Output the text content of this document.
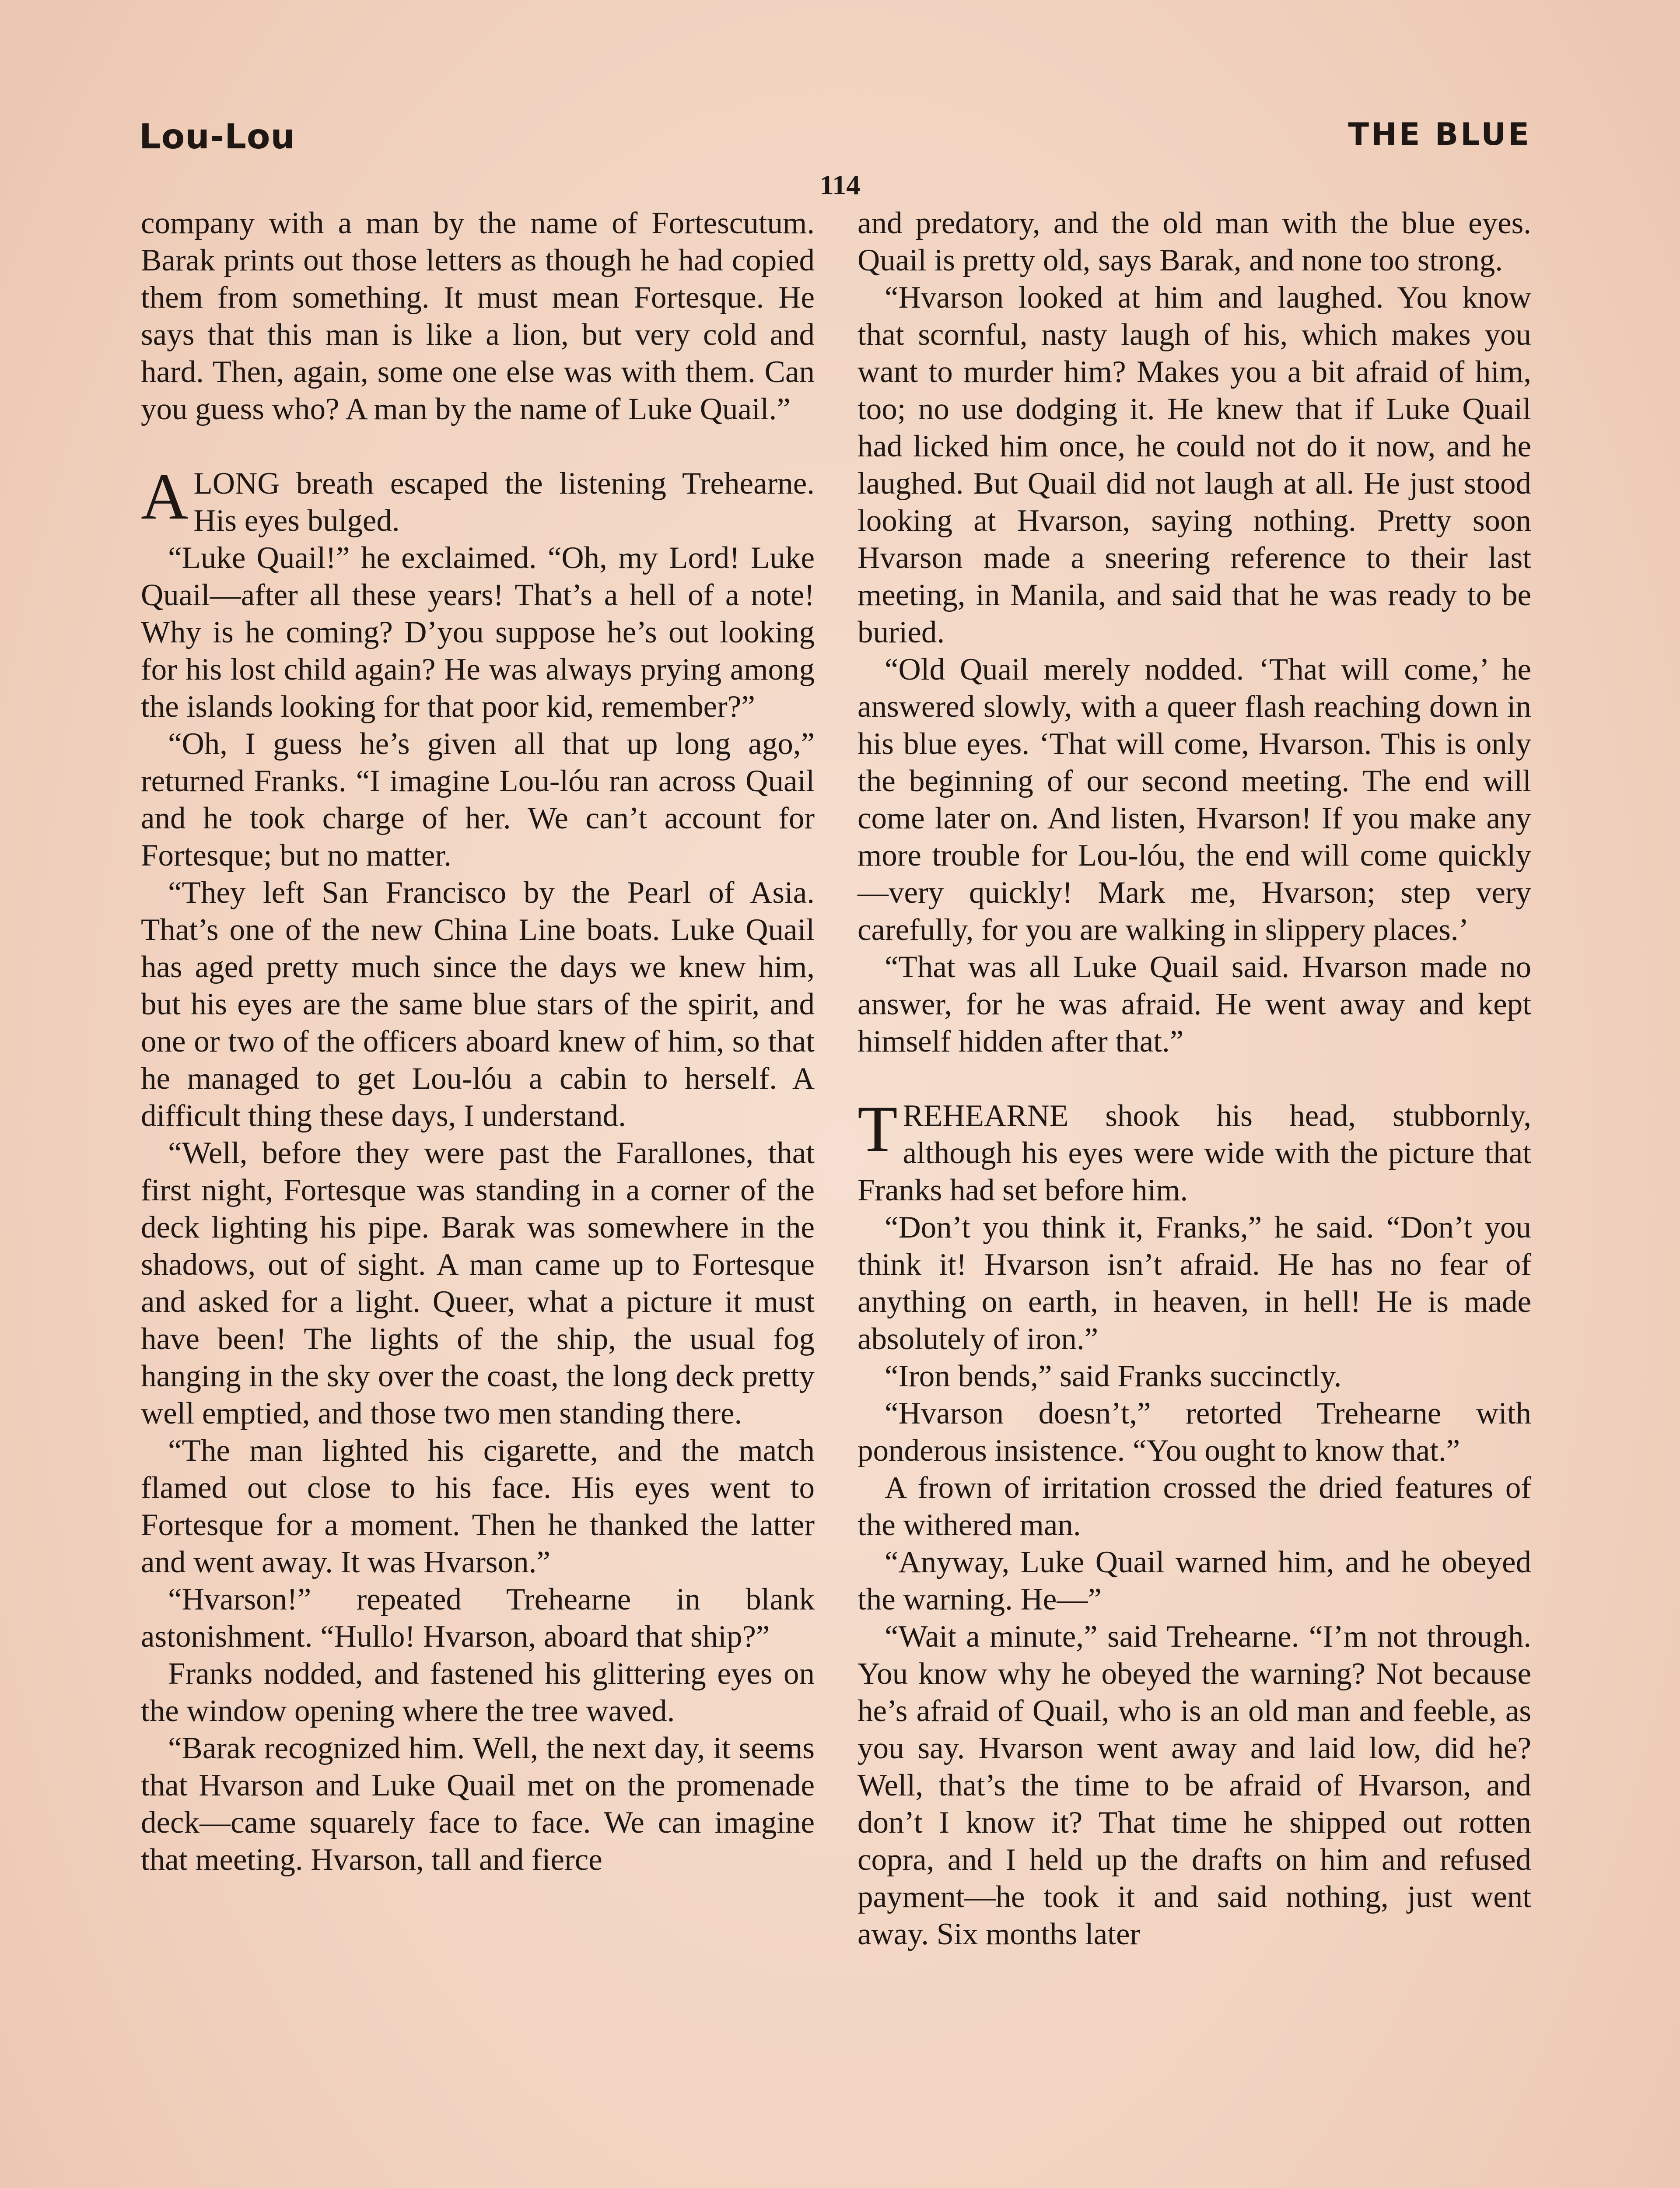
Lou-Lou	THE BLUE
114

company with a man by the name of Fortescutum. Barak prints out those letters as though he had copied them from something. It must mean Fortesque. He says that this man is like a lion, but very cold and hard. Then, again, some one else was with them. Can you guess who? A man by the name of Luke Quail.”

ALONG breath escaped the listening Trehearne. His eyes bulged.

“Luke Quail!” he exclaimed. “Oh, my Lord! Luke Quail—after all these years! That’s a hell of a note! Why is he coming? D’you suppose he’s out looking for his lost child again? He was always prying among the islands looking for that poor kid, remember?”

“Oh, I guess he’s given all that up long ago,” returned Franks. “I imagine Lou-lóu ran across Quail and he took charge of her. We can’t account for Fortesque; but no matter.

“They left San Francisco by the Pearl of Asia. That’s one of the new China Line boats. Luke Quail has aged pretty much since the days we knew him, but his eyes are the same blue stars of the spirit, and one or two of the officers aboard knew of him, so that he managed to get Lou-lóu a cabin to herself. A difficult thing these days, I understand.

“Well, before they were past the Farallones, that first night, Fortesque was standing in a corner of the deck lighting his pipe. Barak was somewhere in the shadows, out of sight. A man came up to Fortesque and asked for a light. Queer, what a picture it must have been! The lights of the ship, the usual fog hanging in the sky over the coast, the long deck pretty well emptied, and those two men standing there.

“The man lighted his cigarette, and the match flamed out close to his face. His eyes went to Fortesque for a moment. Then he thanked the latter and went away. It was Hvarson.”

“Hvarson!” repeated Trehearne in blank astonishment. “Hullo! Hvarson, aboard that ship?”

Franks nodded, and fastened his glittering eyes on the window opening where the tree waved.

“Barak recognized him. Well, the next day, it seems that Hvarson and Luke Quail met on the promenade deck—came squarely face to face. We can imagine that meeting. Hvarson, tall and fierce

and predatory, and the old man with the blue eyes. Quail is pretty old, says Barak, and none too strong.

“Hvarson looked at him and laughed. You know that scornful, nasty laugh of his, which makes you want to murder him? Makes you a bit afraid of him, too; no use dodging it. He knew that if Luke Quail had licked him once, he could not do it now, and he laughed. But Quail did not laugh at all. He just stood looking at Hvarson, saying nothing. Pretty soon Hvarson made a sneering reference to their last meeting, in Manila, and said that he was ready to be buried.

“Old Quail merely nodded. ‘That will come,’ he answered slowly, with a queer flash reaching down in his blue eyes. ‘That will come, Hvarson. This is only the beginning of our second meeting. The end will come later on. And listen, Hvarson! If you make any more trouble for Lou-lóu, the end will come quickly—very quickly! Mark me, Hvarson; step very carefully, for you are walking in slippery places.’

“That was all Luke Quail said. Hvarson made no answer, for he was afraid. He went away and kept himself hidden after that.”

TREHEARNE shook his head, stubbornly, although his eyes were wide with the picture that Franks had set before him.

“Don’t you think it, Franks,” he said. “Don’t you think it! Hvarson isn’t afraid. He has no fear of anything on earth, in heaven, in hell! He is made absolutely of iron.”

“Iron bends,” said Franks succinctly.

“Hvarson doesn’t,” retorted Trehearne with ponderous insistence. “You ought to know that.”

A frown of irritation crossed the dried features of the withered man.

“Anyway, Luke Quail warned him, and he obeyed the warning. He—”

“Wait a minute,” said Trehearne. “I’m not through. You know why he obeyed the warning? Not because he’s afraid of Quail, who is an old man and feeble, as you say. Hvarson went away and laid low, did he? Well, that’s the time to be afraid of Hvarson, and don’t I know it? That time he shipped out rotten copra, and I held up the drafts on him and refused payment—he took it and said nothing, just went away. Six months later
